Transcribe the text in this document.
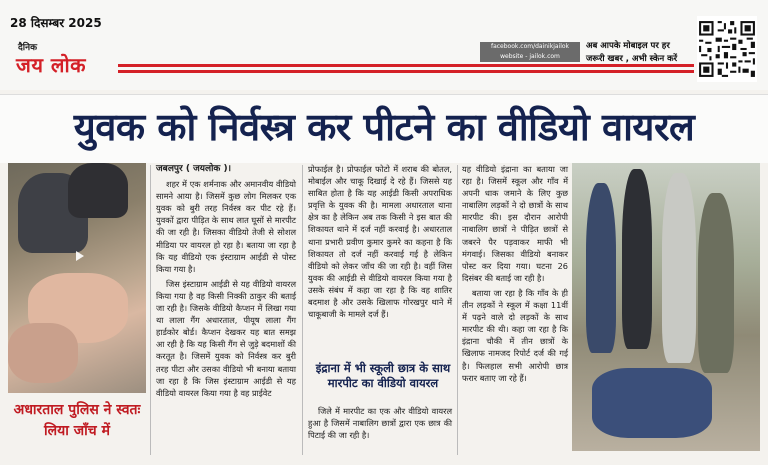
28 दिसम्बर 2025
दैनिक
जय लोक
facebook.com/dainikjailok
website - jailok.com
अब आपके मोबाइल पर हर
जरूरी खबर , अभी स्केन करें
युवक को निर्वस्त्र कर पीटने का वीडियो वायरल
अधारताल पुलिस ने स्वतः लिया जाँच में

जबलपुर ( जयलोक )।

शहर में एक शर्मनाक और अमानवीय वीडियो सामने आया है। जिसमें कुछ लोग मिलकर एक युवक को बुरी तरह निर्वस्त्र कर पीट रहे हैं। युवकों द्वारा पीड़ित के साथ लात घूसों से मारपीट की जा रही है। जिसका वीडियो तेजी से सोशल मीडिया पर वायरल हो रहा है। बताया जा रहा है कि यह वीडियो एक इंस्टाग्राम आईडी से पोस्ट किया गया है।

जिस इंस्टाग्राम आईडी से यह वीडियो वायरल किया गया है वह किसी निक्की ठाकुर की बताई जा रही है। जिसके वीडियो कैप्शन में लिखा गया था लाला गैंग अधारताल, पीयूष लाला गैंग हार्डकोर बोर्ड। कैप्शन देखकर यह बात समझ आ रही है कि यह किसी गैंग से जुड़े बदमाशों की करतूत है। जिसमें युवक को निर्वस्त्र कर बुरी तरह पीटा और उसका वीडियो भी बनाया बताया जा रहा है कि जिस इंस्टाग्राम आईडी से यह वीडियो वायरल किया गया है वह प्राईवेट

प्रोफाईल है। प्रोफाईल फोटो में शराब की बोतल, मोबाईल और चाकू दिखाई दे रहे हैं। जिससे यह साबित होता है कि यह आईडी किसी अपराधिक प्रवृत्ति के युवक की है। मामला अधारताल थाना क्षेत्र का है लेकिन अब तक किसी ने इस बात की शिकायत थाने में दर्ज नहीं करवाई है। अधारताल थाना प्रभारी प्रवीण कुमार कुमरे का कहना है कि शिकायत तो दर्ज नहीं करवाई गई है लेकिन वीडियो को लेकर जाँच की जा रही है। वहीं जिस युवक की आईडी से वीडियो वायरल किया गया है उसके संबंध में कहा जा रहा है कि वह शातिर बदमाश है और उसके खिलाफ गोरखपुर थाने में चाकूबाजी के मामले दर्ज हैं।

इंद्राना में भी स्कूली छात्र के साथ मारपीट का वीडियो वायरल

जिले में मारपीट का एक और वीडियो वायरल हुआ है जिसमें नाबालिग छात्रों द्वारा एक छात्र की पिटाई की जा रही है।

यह वीडियो इंद्राना का बताया जा रहा है। जिसमें स्कूल और गाँव में अपनी धाक जमाने के लिए कुछ नाबालिग लड़कों ने दो छात्रों के साथ मारपीट की। इस दौरान आरोपी नाबालिग छात्रों ने पीड़ित छात्रों से जबरने पैर पड़वाकर माफी भी मंगवाई। जिसका वीडियो बनाकर पोस्ट कर दिया गया। घटना 26 दिसंबर की बताई जा रही है।

बताया जा रहा है कि गाँव के ही तीन लड़कों ने स्कूल में कक्षा 11वीं में पढ़ने वाले दो लड़कों के साथ मारपीट की थी। कहा जा रहा है कि इंद्राना चौकी में तीन छात्रों के खिलाफ नामजद रिपोर्ट दर्ज की गई है। फिलहाल सभी आरोपी छात्र फरार बताए जा रहे हैं।
